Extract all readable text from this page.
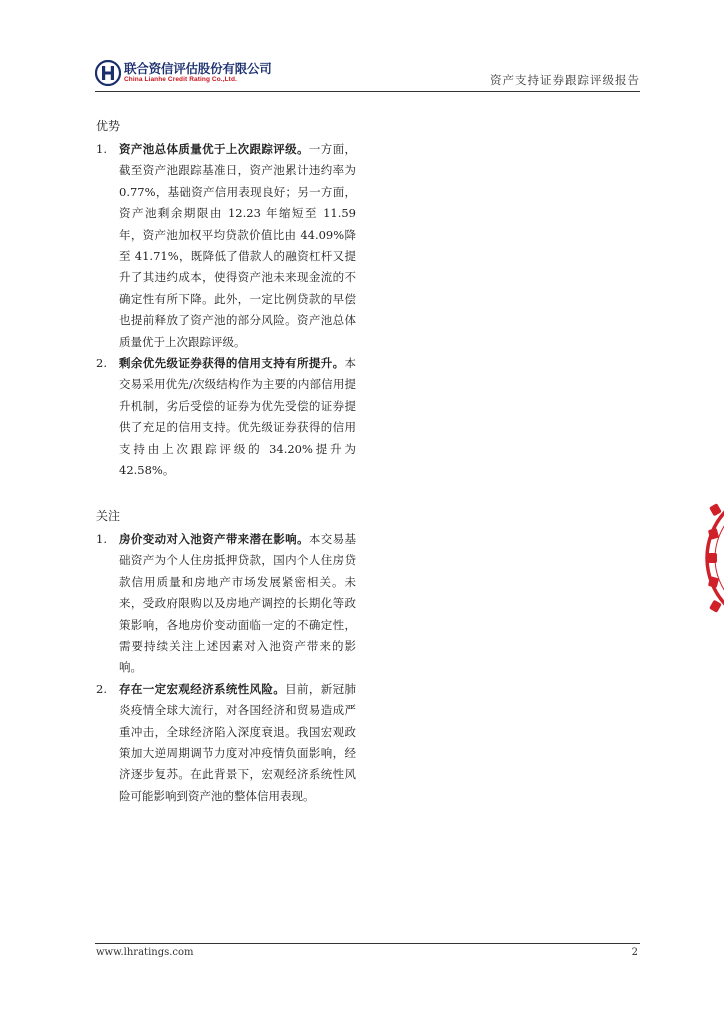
联合资信评估股份有限公司
China Lianhe Credit Rating Co.,Ltd.	资产支持证券跟踪评级报告
优势
1. 资产池总体质量优于上次跟踪评级。一方面，截至资产池跟踪基准日，资产池累计违约率为 0.77%，基础资产信用表现良好；另一方面，资产池剩余期限由 12.23 年缩短至 11.59 年，资产池加权平均贷款价值比由 44.09%降至 41.71%，既降低了借款人的融资杠杆又提升了其违约成本，使得资产池未来现金流的不确定性有所下降。此外，一定比例贷款的早偿也提前释放了资产池的部分风险。资产池总体质量优于上次跟踪评级。

2. 剩余优先级证券获得的信用支持有所提升。本交易采用优先/次级结构作为主要的内部信用提升机制，劣后受偿的证券为优先受偿的证券提供了充足的信用支持。优先级证券获得的信用支持由上次跟踪评级的 34.20%提升为 42.58%。

关注
1. 房价变动对入池资产带来潜在影响。本交易基础资产为个人住房抵押贷款，国内个人住房贷款信用质量和房地产市场发展紧密相关。未来，受政府限购以及房地产调控的长期化等政策影响，各地房价变动面临一定的不确定性，需要持续关注上述因素对入池资产带来的影响。

2. 存在一定宏观经济系统性风险。目前，新冠肺炎疫情全球大流行，对各国经济和贸易造成严重冲击，全球经济陷入深度衰退。我国宏观政策加大逆周期调节力度对冲疫情负面影响，经济逐步复苏。在此背景下，宏观经济系统性风险可能影响到资产池的整体信用表现。

www.lhratings.com	2
